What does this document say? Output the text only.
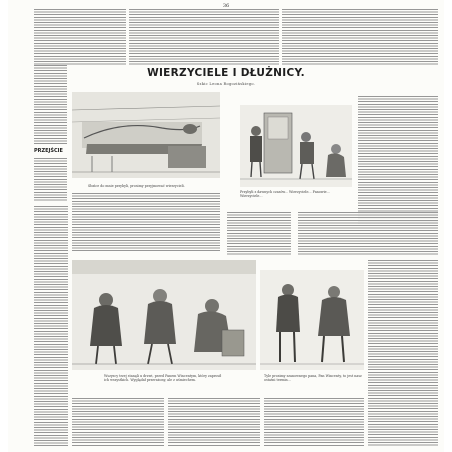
36
PRZEJŚCIE
WIERZYCIELE I DŁUŻNICY.
Szkic Leona Rogozińskiego.
Słońce do mnie przybyli, prosimy przyjmować wierzycieli.
Przybyli z dawnych czasów... Wierzyciele... Panowie... Wierzyciele...
Wszyscy trzej stanęli u drzwi, przed Panem Wincentym, który zaprosił ich wszystkich. Wyglądał przerażony, ale z uśmiechem.
Tyle prosimy szanownego pana, Pan Wincenty, to jest nasz ostatni termin...
